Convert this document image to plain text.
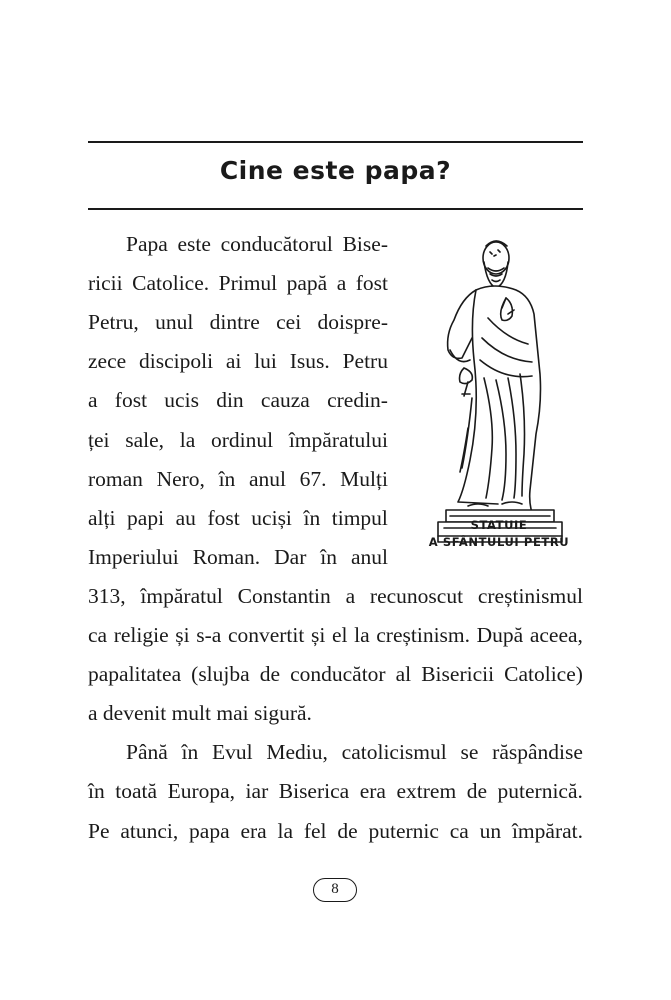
Cine este papa?
Papa este conducătorul Bise-
ricii Catolice. Primul papă a fost
Petru, unul dintre cei doispre-
zece discipoli ai lui Isus. Petru
a fost ucis din cauza credin-
ței sale, la ordinul împăratului
roman Nero, în anul 67. Mulți
alți papi au fost uciși în timpul
Imperiului Roman. Dar în anul
313, împăratul Constantin a recunoscut creștinismul
ca religie și s-a convertit și el la creștinism. După aceea,
papalitatea (slujba de conducător al Bisericii Catolice)
a devenit mult mai sigură.
Până în Evul Mediu, catolicismul se răspândise
în toată Europa, iar Biserica era extrem de puternică.
Pe atunci, papa era la fel de puternic ca un împărat.
STATUIE
A SFÂNTULUI PETRU
8
